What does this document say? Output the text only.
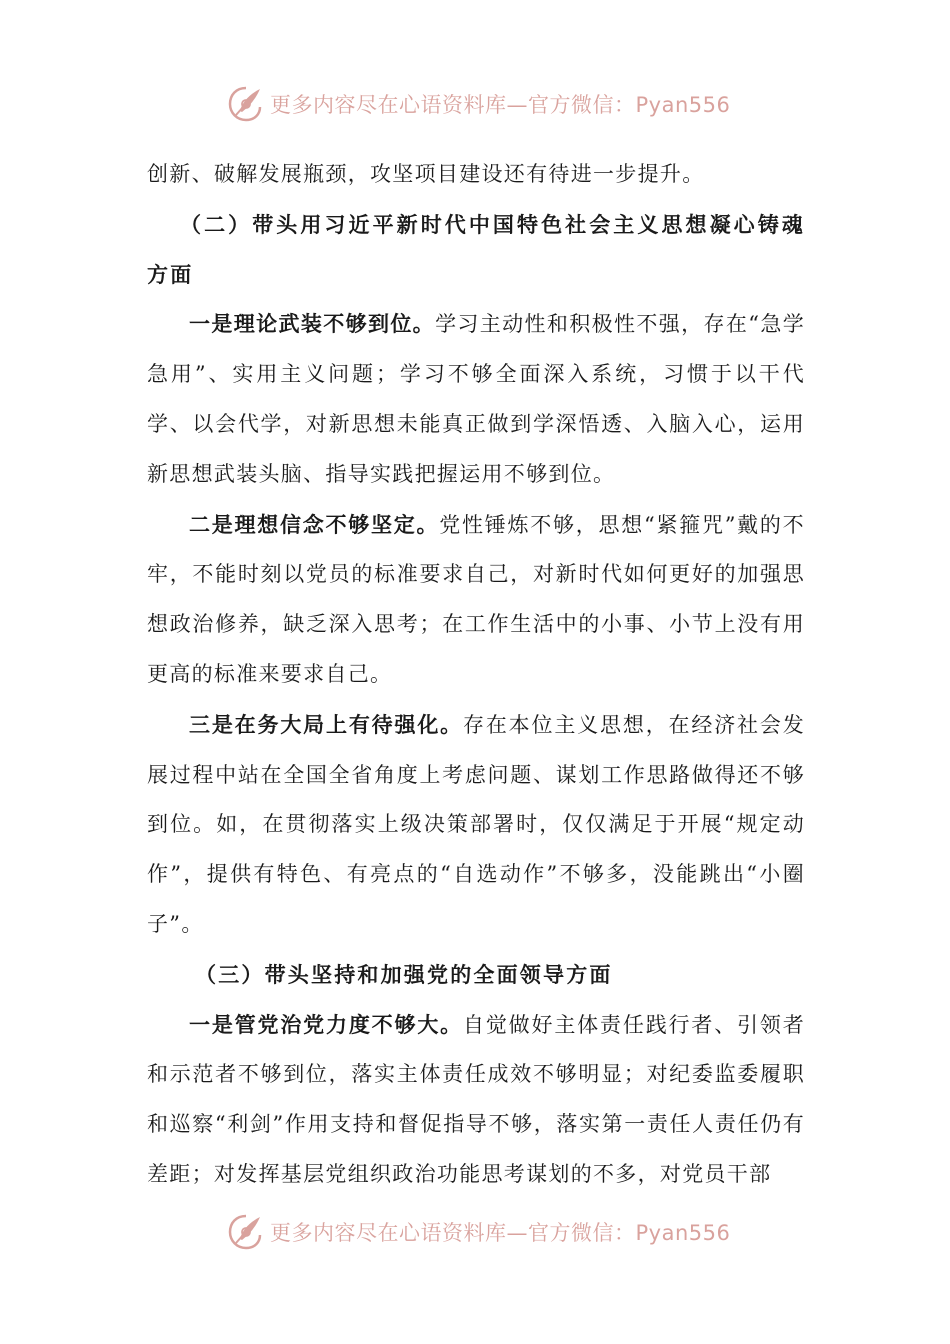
更多内容尽在心语资料库—官方微信：Pyan556

创新、破解发展瓶颈，攻坚项目建设还有待进一步提升。

（二）带头用习近平新时代中国特色社会主义思想凝心铸魂方面

一是理论武装不够到位。学习主动性和积极性不强，存在“急学急用”、实用主义问题；学习不够全面深入系统，习惯于以干代学、以会代学，对新思想未能真正做到学深悟透、入脑入心，运用新思想武装头脑、指导实践把握运用不够到位。

二是理想信念不够坚定。党性锤炼不够，思想“紧箍咒”戴的不牢，不能时刻以党员的标准要求自己，对新时代如何更好的加强思想政治修养，缺乏深入思考；在工作生活中的小事、小节上没有用更高的标准来要求自己。

三是在务大局上有待强化。存在本位主义思想，在经济社会发展过程中站在全国全省角度上考虑问题、谋划工作思路做得还不够到位。如，在贯彻落实上级决策部署时，仅仅满足于开展“规定动作”，提供有特色、有亮点的“自选动作”不够多，没能跳出“小圈子”。

（三）带头坚持和加强党的全面领导方面

一是管党治党力度不够大。自觉做好主体责任践行者、引领者和示范者不够到位，落实主体责任成效不够明显；对纪委监委履职和巡察“利剑”作用支持和督促指导不够，落实第一责任人责任仍有差距；对发挥基层党组织政治功能思考谋划的不多，对党员干部

更多内容尽在心语资料库—官方微信：Pyan556
